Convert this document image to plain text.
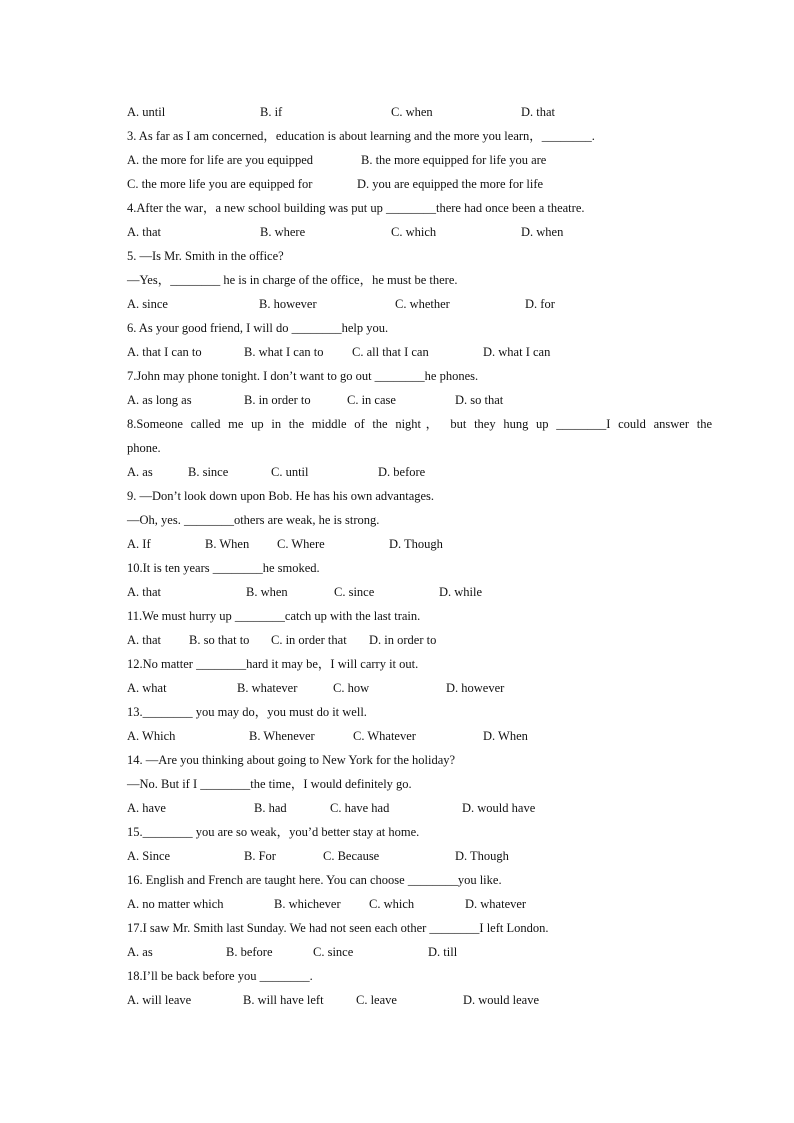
A. until	B. if	C. when	D. that
3. As far as I am concerned，education is about learning and the more you learn，________.
A. the more for life are you equipped	B. the more equipped for life you are
C. the more life you are equipped for	D. you are equipped the more for life
4.After the war，a new school building was put up ________there had once been a theatre.
A. that	B. where	C. which	D. when
5. —Is Mr. Smith in the office?
—Yes，________ he is in charge of the office，he must be there.
A. since	B. however	C. whether	D. for
6. As your good friend, I will do ________help you.
A. that I can to	B. what I can to C. all that I can	D. what I can
7.John may phone tonight. I don’t want to go out ________he phones.
A. as long as	B. in order to	C. in case	D. so that
8.Someone called me up in the middle of the night， but they hung up ________I could answer the
phone.
A. as	B. since	C. until	D. before
9. —Don’t look down upon Bob. He has his own advantages.
—Oh, yes. ________others are weak, he is strong.
A. If	B. When C. Where	D. Though
10.It is ten years ________he smoked.
A. that	B. when	C. since	D. while
11.We must hurry up ________catch up with the last train.
A. that B. so that to C. in order that D. in order to
12.No matter ________hard it may be，I will carry it out.
A. what	B. whatever	C. how	D. however
13.________ you may do，you must do it well.
A. Which	B. Whenever	C. Whatever	D. When
14. —Are you thinking about going to New York for the holiday?
—No. But if I ________the time，I would definitely go.
A. have	B. had	C. have had	D. would have
15.________ you are so weak，you’d better stay at home.
A. Since	B. For	C. Because	D. Though
16. English and French are taught here. You can choose ________you like.
A. no matter which	B. whichever C. which	D. whatever
17.I saw Mr. Smith last Sunday. We had not seen each other ________I left London.
A. as	B. before	C. since	D. till
18.I’ll be back before you ________.
A. will leave	B. will have left	C. leave	D. would leave
